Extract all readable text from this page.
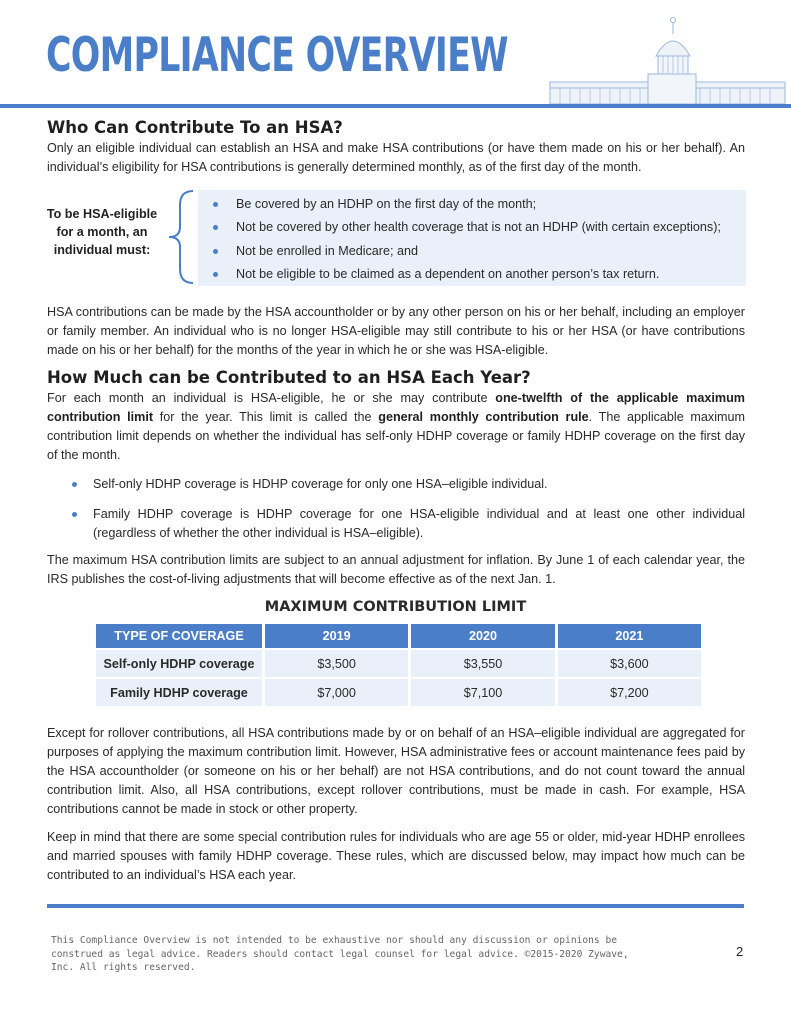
COMPLIANCE OVERVIEW
Who Can Contribute To an HSA?

Only an eligible individual can establish an HSA and make HSA contributions (or have them made on his or her behalf). An individual’s eligibility for HSA contributions is generally determined monthly, as of the first day of the month.

To be HSA-eligible for a month, an individual must:
Be covered by an HDHP on the first day of the month;
Not be covered by other health coverage that is not an HDHP (with certain exceptions);
Not be enrolled in Medicare; and
Not be eligible to be claimed as a dependent on another person’s tax return.

HSA contributions can be made by the HSA accountholder or by any other person on his or her behalf, including an employer or family member. An individual who is no longer HSA-eligible may still contribute to his or her HSA (or have contributions made on his or her behalf) for the months of the year in which he or she was HSA-eligible.

How Much can be Contributed to an HSA Each Year?

For each month an individual is HSA-eligible, he or she may contribute one-twelfth of the applicable maximum contribution limit for the year. This limit is called the general monthly contribution rule. The applicable maximum contribution limit depends on whether the individual has self-only HDHP coverage or family HDHP coverage on the first day of the month.

Self-only HDHP coverage is HDHP coverage for only one HSA–eligible individual.
Family HDHP coverage is HDHP coverage for one HSA-eligible individual and at least one other individual (regardless of whether the other individual is HSA–eligible).

The maximum HSA contribution limits are subject to an annual adjustment for inflation. By June 1 of each calendar year, the IRS publishes the cost-of-living adjustments that will become effective as of the next Jan. 1.

MAXIMUM CONTRIBUTION LIMIT
TYPE OF COVERAGE	2019	2020	2021
Self-only HDHP coverage	$3,500	$3,550	$3,600
Family HDHP coverage	$7,000	$7,100	$7,200

Except for rollover contributions, all HSA contributions made by or on behalf of an HSA–eligible individual are aggregated for purposes of applying the maximum contribution limit. However, HSA administrative fees or account maintenance fees paid by the HSA accountholder (or someone on his or her behalf) are not HSA contributions, and do not count toward the annual contribution limit. Also, all HSA contributions, except rollover contributions, must be made in cash. For example, HSA contributions cannot be made in stock or other property.

Keep in mind that there are some special contribution rules for individuals who are age 55 or older, mid-year HDHP enrollees and married spouses with family HDHP coverage. These rules, which are discussed below, may impact how much can be contributed to an individual’s HSA each year.

This Compliance Overview is not intended to be exhaustive nor should any discussion or opinions be construed as legal advice. Readers should contact legal counsel for legal advice. ©2015-2020 Zywave, Inc. All rights reserved.
2
